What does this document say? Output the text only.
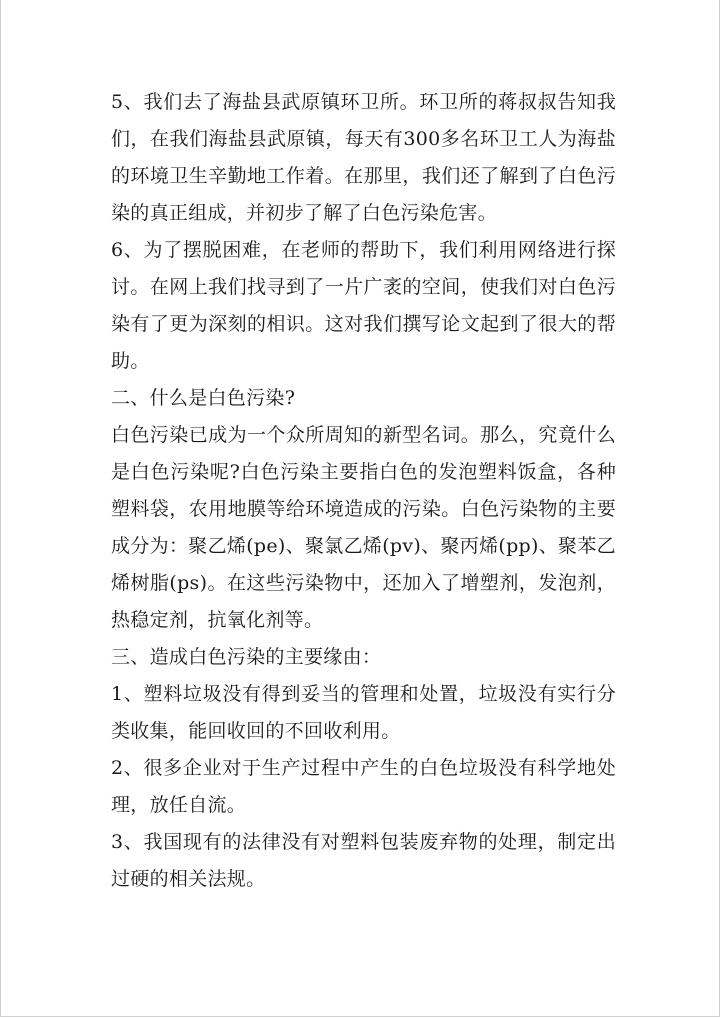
5、我们去了海盐县武原镇环卫所。环卫所的蒋叔叔告知我们，在我们海盐县武原镇，每天有300多名环卫工人为海盐的环境卫生辛勤地工作着。在那里，我们还了解到了白色污染的真正组成，并初步了解了白色污染危害。

6、为了摆脱困难，在老师的帮助下，我们利用网络进行探讨。在网上我们找寻到了一片广袤的空间，使我们对白色污染有了更为深刻的相识。这对我们撰写论文起到了很大的帮助。

二、什么是白色污染?

白色污染已成为一个众所周知的新型名词。那么，究竟什么是白色污染呢?白色污染主要指白色的发泡塑料饭盒，各种塑料袋，农用地膜等给环境造成的污染。白色污染物的主要成分为：聚乙烯(pe)、聚氯乙烯(pv)、聚丙烯(pp)、聚苯乙烯树脂(ps)。在这些污染物中，还加入了增塑剂，发泡剂，热稳定剂，抗氧化剂等。

三、造成白色污染的主要缘由：

1、塑料垃圾没有得到妥当的管理和处置，垃圾没有实行分类收集，能回收回的不回收利用。

2、很多企业对于生产过程中产生的白色垃圾没有科学地处理，放任自流。

3、我国现有的法律没有对塑料包装废弃物的处理，制定出过硬的相关法规。
